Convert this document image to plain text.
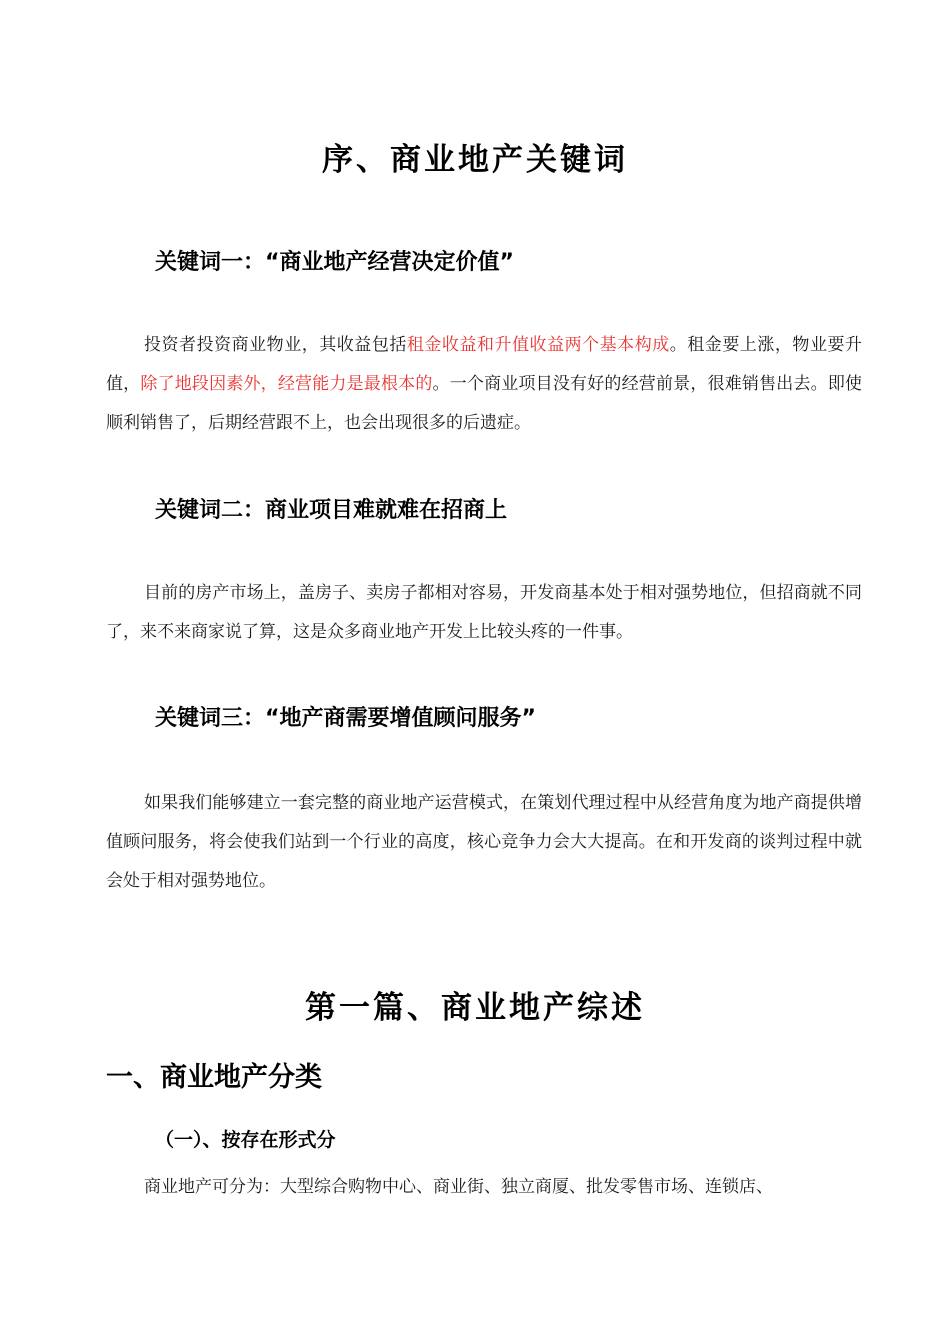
序、商业地产关键词
关键词一：“商业地产经营决定价值”
投资者投资商业物业，其收益包括租金收益和升值收益两个基本构成。租金要上涨，物业要升值，除了地段因素外，经营能力是最根本的。一个商业项目没有好的经营前景，很难销售出去。即使顺利销售了，后期经营跟不上，也会出现很多的后遗症。
关键词二：商业项目难就难在招商上
目前的房产市场上，盖房子、卖房子都相对容易，开发商基本处于相对强势地位，但招商就不同了，来不来商家说了算，这是众多商业地产开发上比较头疼的一件事。
关键词三：“地产商需要增值顾问服务”
如果我们能够建立一套完整的商业地产运营模式，在策划代理过程中从经营角度为地产商提供增值顾问服务，将会使我们站到一个行业的高度，核心竞争力会大大提高。在和开发商的谈判过程中就会处于相对强势地位。
第一篇、商业地产综述
一、商业地产分类
（一）、按存在形式分
商业地产可分为：大型综合购物中心、商业街、独立商厦、批发零售市场、连锁店、
